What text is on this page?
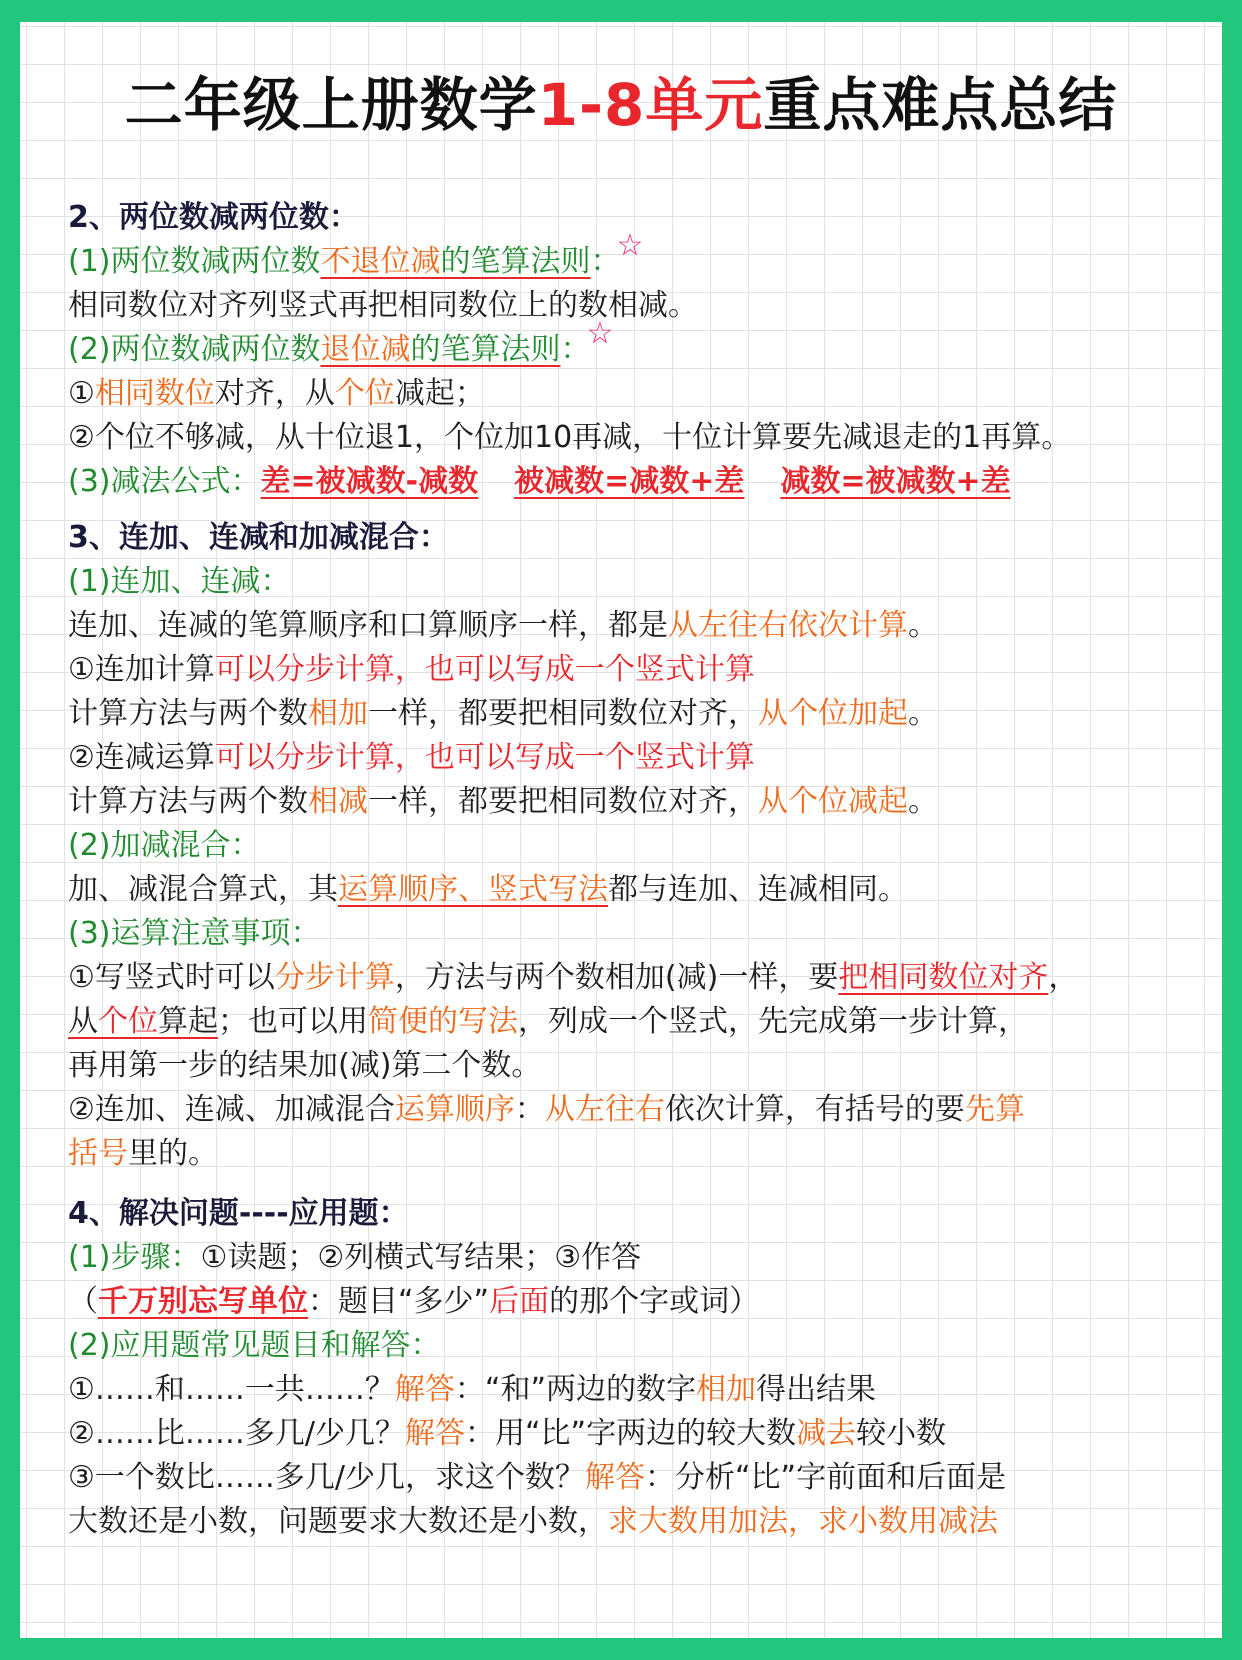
二年级上册数学1-8单元重点难点总结
2、两位数减两位数：
(1)两位数减两位数不退位减的笔算法则：☆
相同数位对齐列竖式再把相同数位上的数相减。
(2)两位数减两位数退位减的笔算法则：☆
①相同数位对齐，从个位减起；
②个位不够减，从十位退1，个位加10再减，十位计算要先减退走的1再算。
(3)减法公式：差=被减数-减数 被减数=减数+差 减数=被减数+差
3、连加、连减和加减混合：
(1)连加、连减：
连加、连减的笔算顺序和口算顺序一样，都是从左往右依次计算。
①连加计算可以分步计算，也可以写成一个竖式计算
计算方法与两个数相加一样，都要把相同数位对齐，从个位加起。
②连减运算可以分步计算，也可以写成一个竖式计算
计算方法与两个数相减一样，都要把相同数位对齐，从个位减起。
(2)加减混合：
加、减混合算式，其运算顺序、竖式写法都与连加、连减相同。
(3)运算注意事项：
①写竖式时可以分步计算，方法与两个数相加(减)一样，要把相同数位对齐，
从个位算起；也可以用简便的写法，列成一个竖式，先完成第一步计算，
再用第一步的结果加(减)第二个数。
②连加、连减、加减混合运算顺序：从左往右依次计算，有括号的要先算
括号里的。
4、解决问题----应用题：
(1)步骤：①读题；②列横式写结果；③作答
（千万别忘写单位：题目“多少”后面的那个字或词）
(2)应用题常见题目和解答：
①……和……一共……？解答：“和”两边的数字相加得出结果
②……比……多几/少几？解答：用“比”字两边的较大数减去较小数
③一个数比……多几/少几，求这个数？解答：分析“比”字前面和后面是
大数还是小数，问题要求大数还是小数，求大数用加法，求小数用减法
